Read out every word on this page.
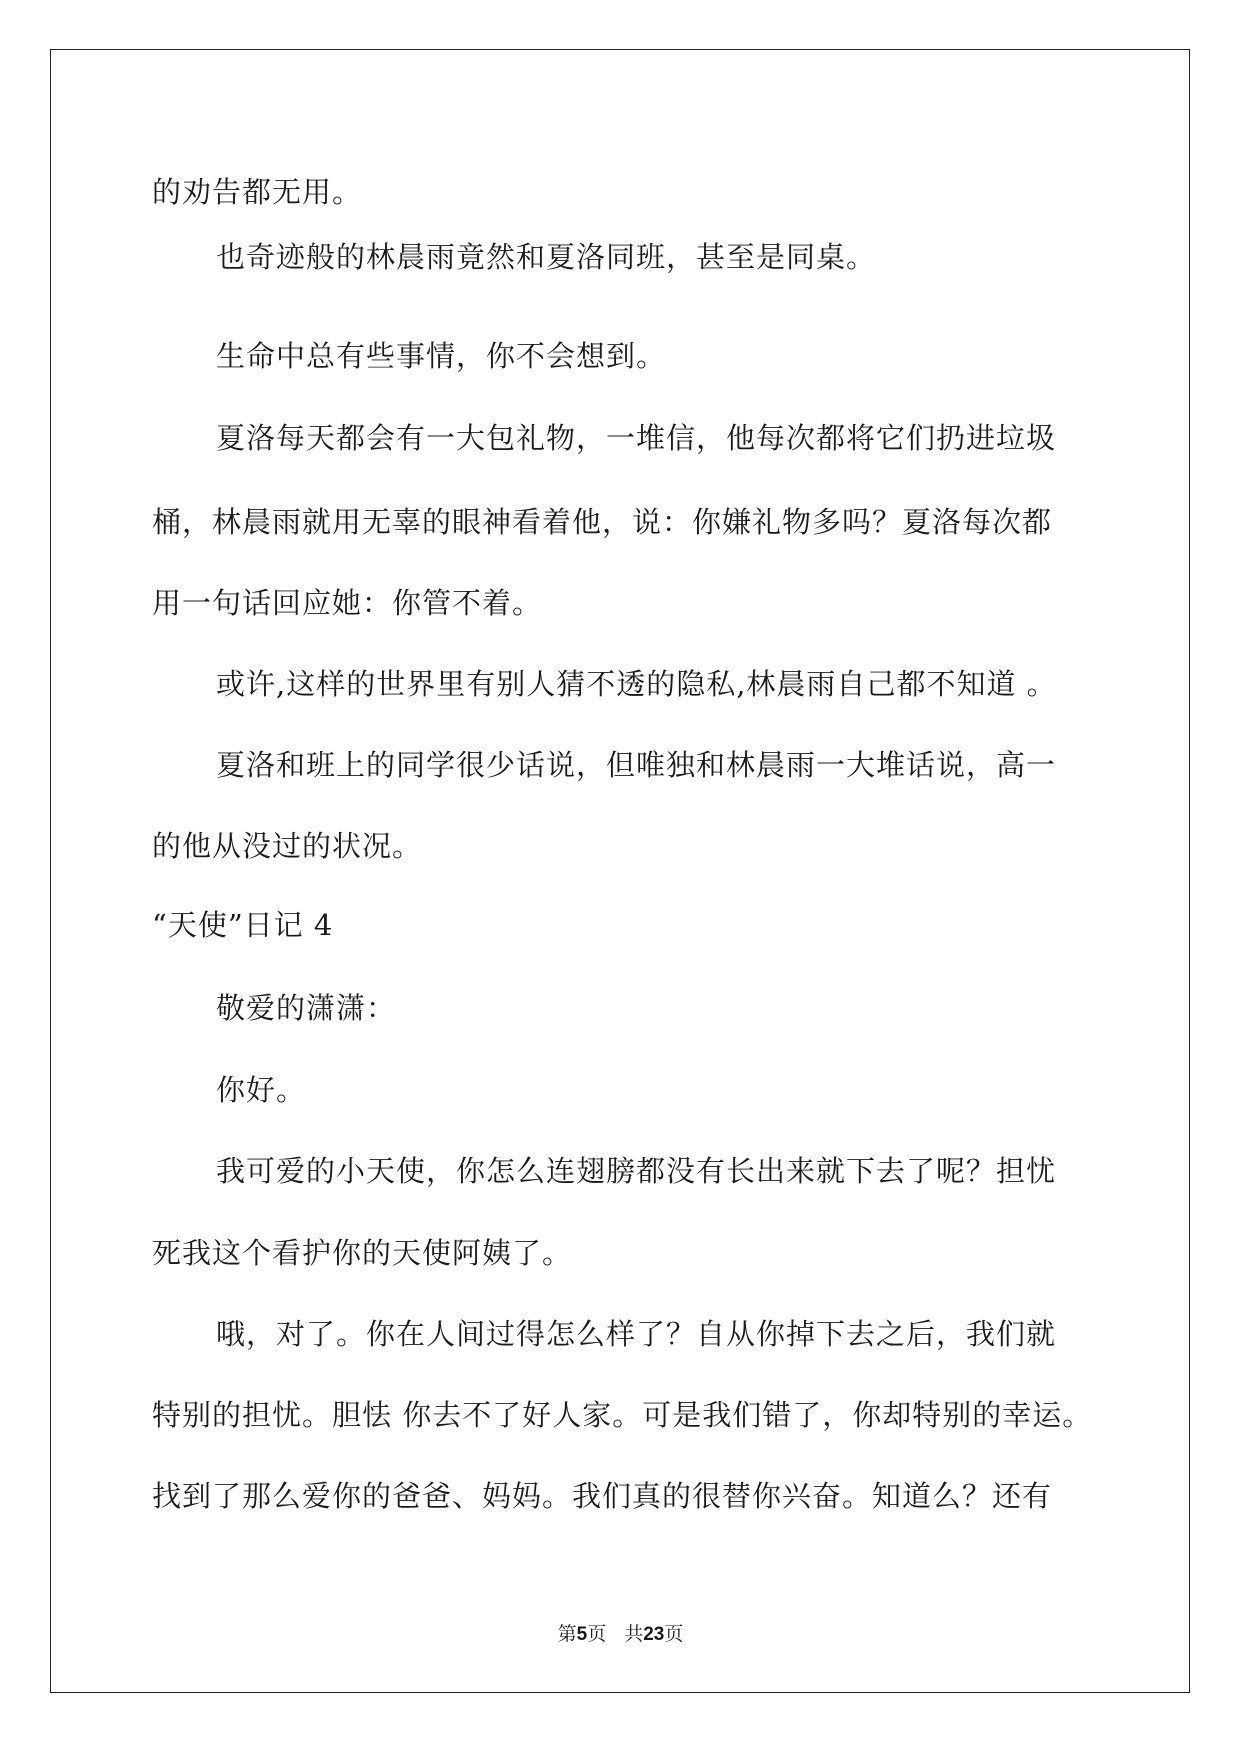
的劝告都无用。
也奇迹般的林晨雨竟然和夏洛同班，甚至是同桌。
生命中总有些事情，你不会想到。
夏洛每天都会有一大包礼物，一堆信，他每次都将它们扔进垃圾
桶，林晨雨就用无辜的眼神看着他，说：你嫌礼物多吗？夏洛每次都
用一句话回应她：你管不着。
或许,这样的世界里有别人猜不透的隐私,林晨雨自己都不知道 。
夏洛和班上的同学很少话说，但唯独和林晨雨一大堆话说，高一
的他从没过的状况。
“天使”日记 4
敬爱的潇潇：
你好。
我可爱的小天使，你怎么连翅膀都没有长出来就下去了呢？担忧
死我这个看护你的天使阿姨了。
哦，对了。你在人间过得怎么样了？自从你掉下去之后，我们就
特别的担忧。胆怯 你去不了好人家。可是我们错了，你却特别的幸运。
找到了那么爱你的爸爸、妈妈。我们真的很替你兴奋。知道么？还有
第5页 共23页
